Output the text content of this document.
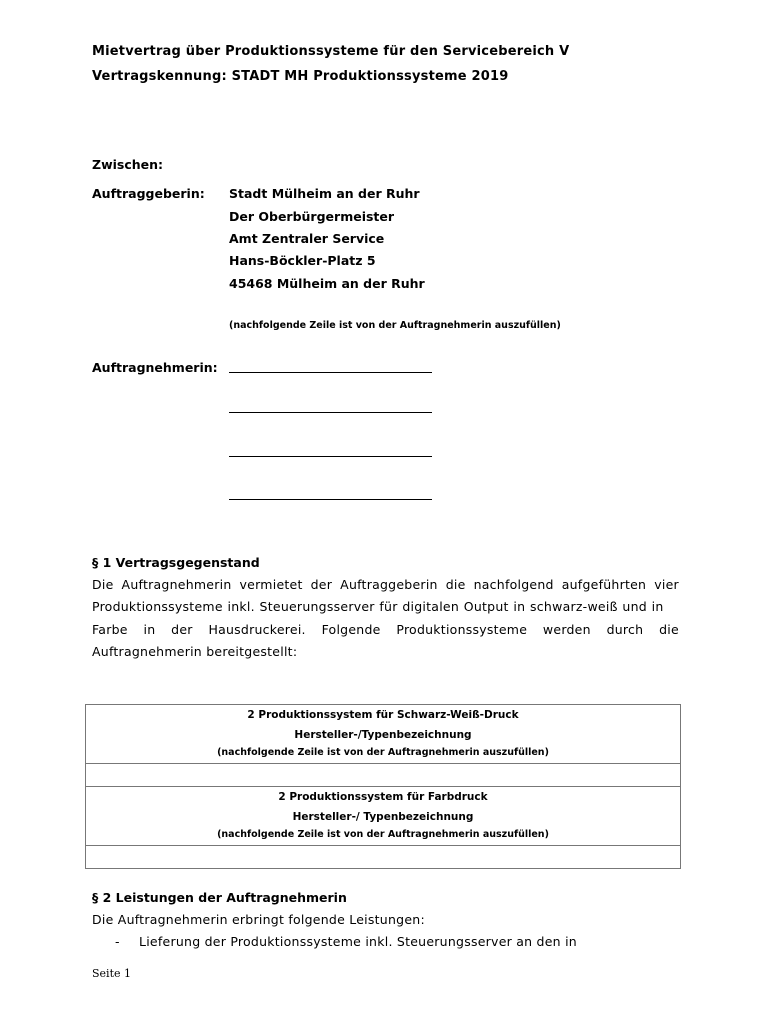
Mietvertrag über Produktionssysteme für den Servicebereich V
Vertragskennung: STADT MH Produktionssysteme 2019
Zwischen:
Auftraggeberin: Stadt Mülheim an der Ruhr
Der Oberbürgermeister
Amt Zentraler Service
Hans-Böckler-Platz 5
45468 Mülheim an der Ruhr
(nachfolgende Zeile ist von der Auftragnehmerin auszufüllen)
Auftragnehmerin:
§ 1 Vertragsgegenstand
Die Auftragnehmerin vermietet der Auftraggeberin die nachfolgend aufgeführten vier
Produktionssysteme inkl. Steuerungsserver für digitalen Output in schwarz-weiß und in
Farbe in der Hausdruckerei. Folgende Produktionssysteme werden durch die
Auftragnehmerin bereitgestellt:
2 Produktionssystem für Schwarz-Weiß-Druck
Hersteller-/Typenbezeichnung
(nachfolgende Zeile ist von der Auftragnehmerin auszufüllen)

2 Produktionssystem für Farbdruck
Hersteller-/ Typenbezeichnung
(nachfolgende Zeile ist von der Auftragnehmerin auszufüllen)

§ 2 Leistungen der Auftragnehmerin
Die Auftragnehmerin erbringt folgende Leistungen:
- Lieferung der Produktionssysteme inkl. Steuerungsserver an den in
Seite 1
